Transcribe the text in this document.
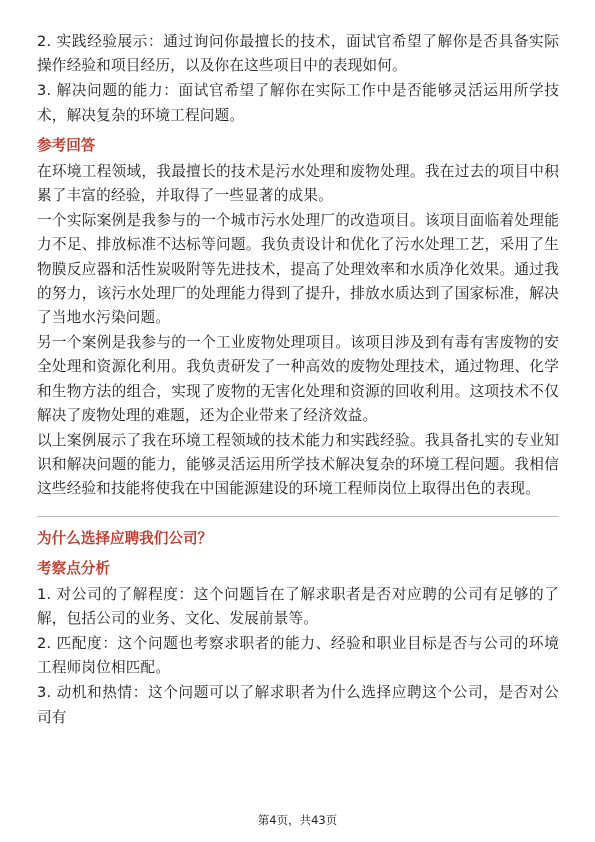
2. 实践经验展示：通过询问你最擅长的技术，面试官希望了解你是否具备实际操作经验和项目经历，以及你在这些项目中的表现如何。

3. 解决问题的能力：面试官希望了解你在实际工作中是否能够灵活运用所学技术，解决复杂的环境工程问题。

参考回答

在环境工程领域，我最擅长的技术是污水处理和废物处理。我在过去的项目中积累了丰富的经验，并取得了一些显著的成果。

一个实际案例是我参与的一个城市污水处理厂的改造项目。该项目面临着处理能力不足、排放标准不达标等问题。我负责设计和优化了污水处理工艺，采用了生物膜反应器和活性炭吸附等先进技术，提高了处理效率和水质净化效果。通过我的努力，该污水处理厂的处理能力得到了提升，排放水质达到了国家标准，解决了当地水污染问题。

另一个案例是我参与的一个工业废物处理项目。该项目涉及到有毒有害废物的安全处理和资源化利用。我负责研发了一种高效的废物处理技术，通过物理、化学和生物方法的组合，实现了废物的无害化处理和资源的回收利用。这项技术不仅解决了废物处理的难题，还为企业带来了经济效益。

以上案例展示了我在环境工程领域的技术能力和实践经验。我具备扎实的专业知识和解决问题的能力，能够灵活运用所学技术解决复杂的环境工程问题。我相信这些经验和技能将使我在中国能源建设的环境工程师岗位上取得出色的表现。

为什么选择应聘我们公司？
考察点分析

1. 对公司的了解程度：这个问题旨在了解求职者是否对应聘的公司有足够的了解，包括公司的业务、文化、发展前景等。

2. 匹配度：这个问题也考察求职者的能力、经验和职业目标是否与公司的环境工程师岗位相匹配。

3. 动机和热情：这个问题可以了解求职者为什么选择应聘这个公司，是否对公司有

第4页，共43页
